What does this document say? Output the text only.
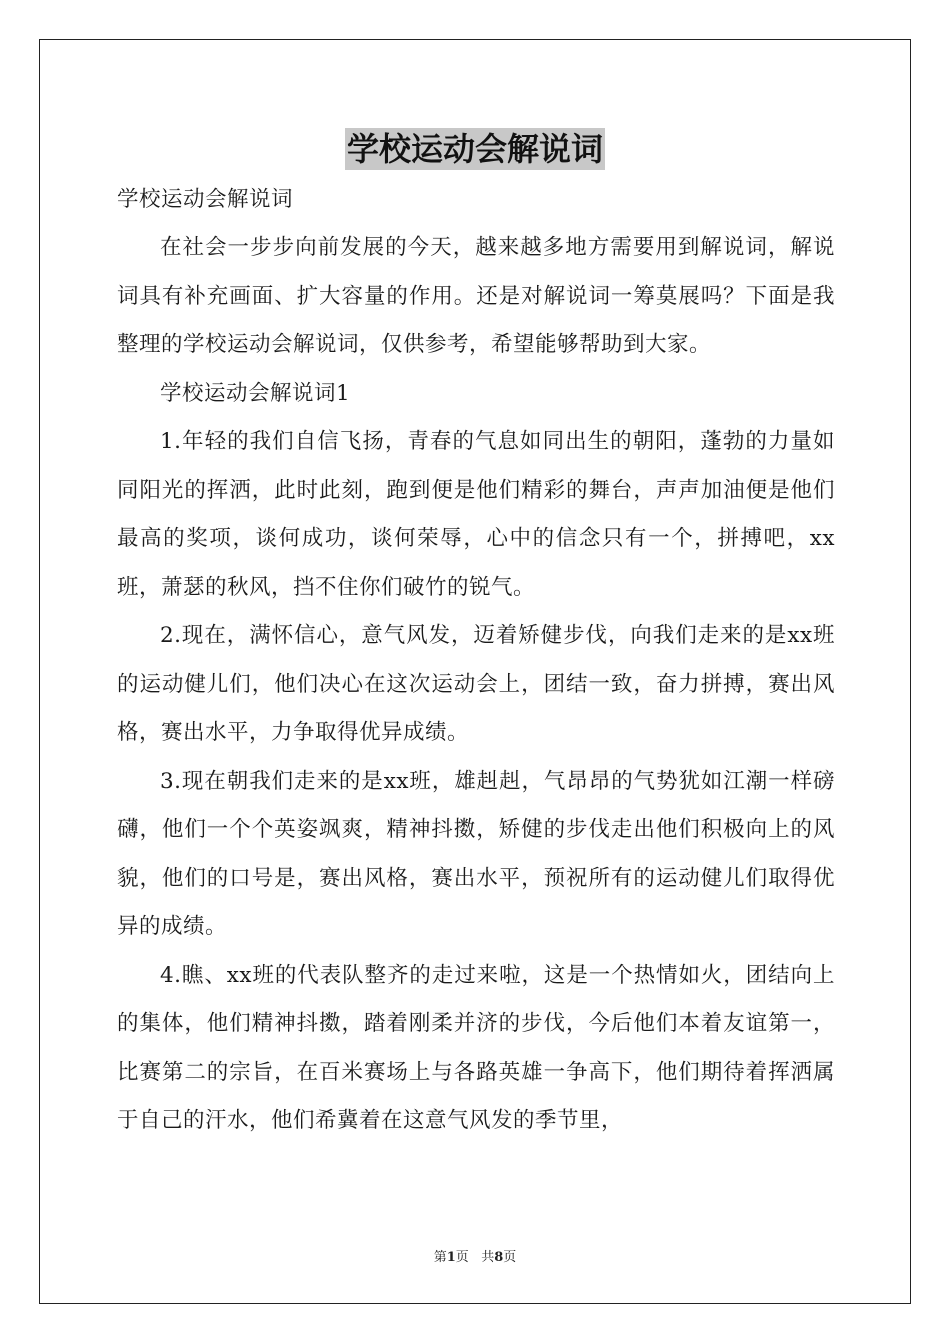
学校运动会解说词

学校运动会解说词

在社会一步步向前发展的今天，越来越多地方需要用到解说词，解说词具有补充画面、扩大容量的作用。还是对解说词一筹莫展吗？下面是我整理的学校运动会解说词，仅供参考，希望能够帮助到大家。

学校运动会解说词1

1.年轻的我们自信飞扬，青春的气息如同出生的朝阳，蓬勃的力量如同阳光的挥洒，此时此刻，跑到便是他们精彩的舞台，声声加油便是他们最高的奖项，谈何成功，谈何荣辱，心中的信念只有一个，拼搏吧，xx班，萧瑟的秋风，挡不住你们破竹的锐气。

2.现在，满怀信心，意气风发，迈着矫健步伐，向我们走来的是xx班的运动健儿们，他们决心在这次运动会上，团结一致，奋力拼搏，赛出风格，赛出水平，力争取得优异成绩。

3.现在朝我们走来的是xx班，雄赳赳，气昂昂的气势犹如江潮一样磅礴，他们一个个英姿飒爽，精神抖擞，矫健的步伐走出他们积极向上的风貌，他们的口号是，赛出风格，赛出水平，预祝所有的运动健儿们取得优异的成绩。

4.瞧、xx班的代表队整齐的走过来啦，这是一个热情如火，团结向上的集体，他们精神抖擞，踏着刚柔并济的步伐，今后他们本着友谊第一，比赛第二的宗旨，在百米赛场上与各路英雄一争高下，他们期待着挥洒属于自己的汗水，他们希冀着在这意气风发的季节里，

第1页 共8页
